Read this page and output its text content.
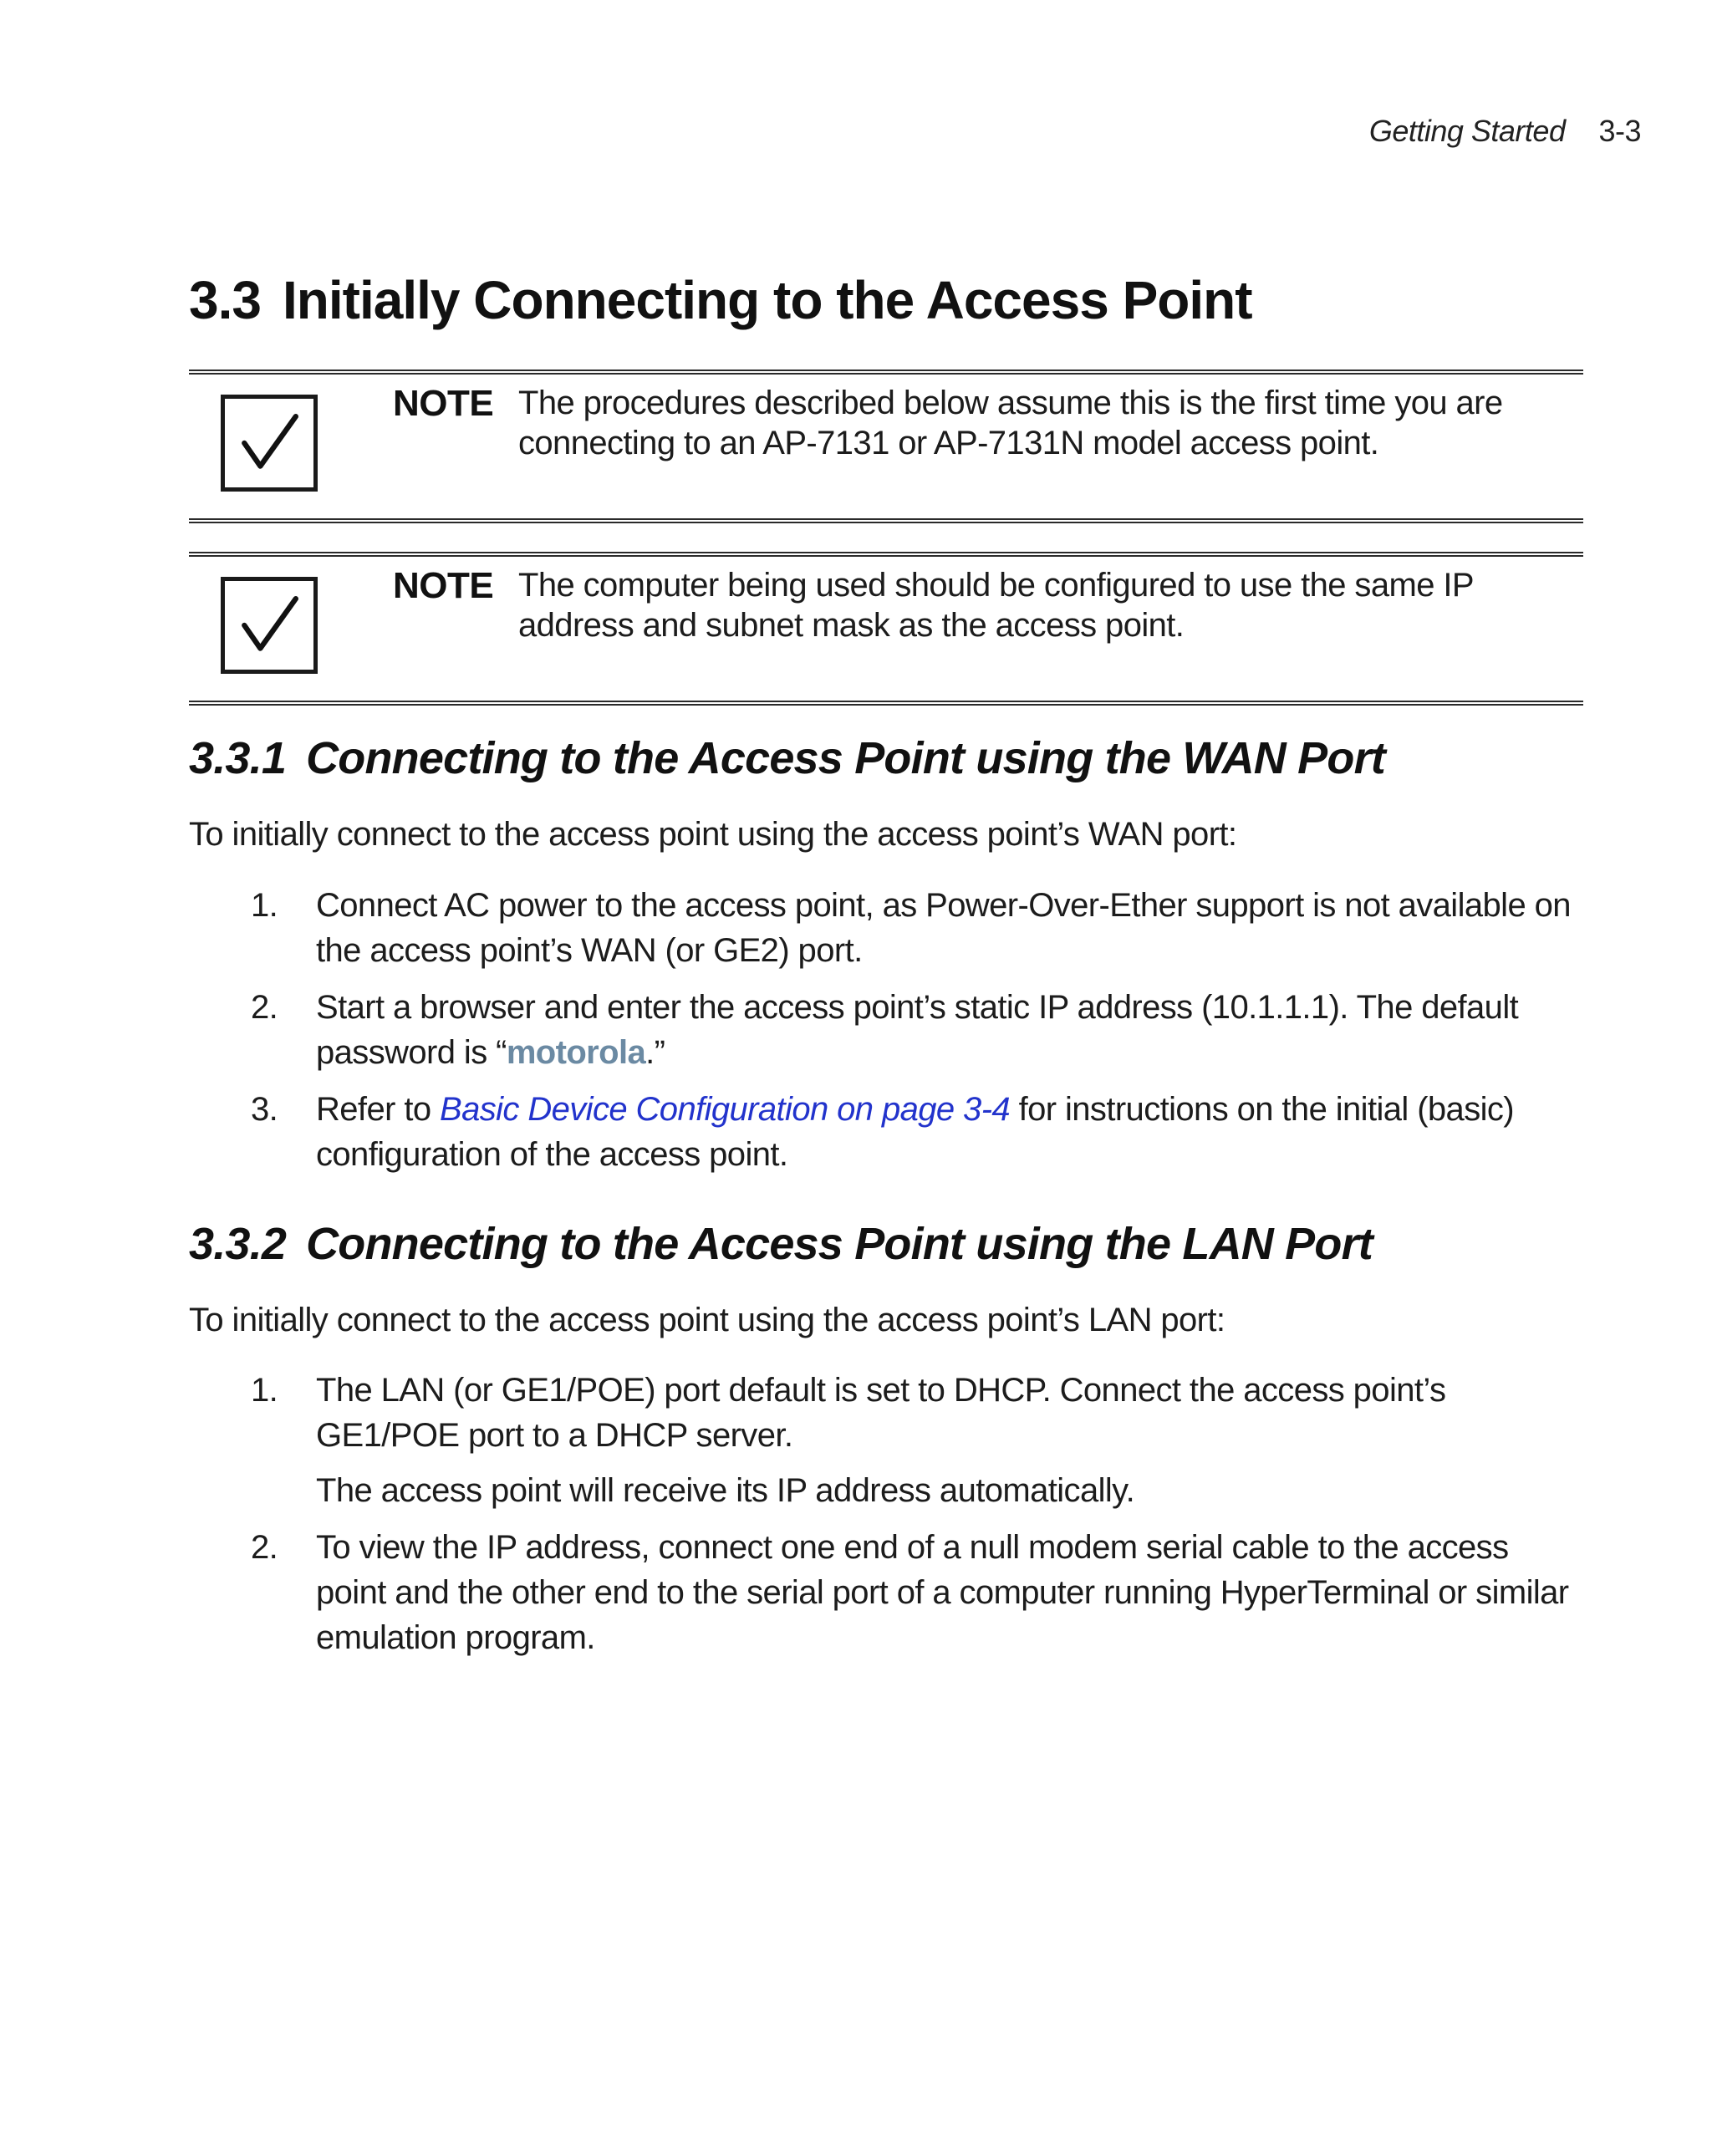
Getting Started 3-3
3.3 Initially Connecting to the Access Point
NOTE The procedures described below assume this is the first time you are connecting to an AP-7131 or AP-7131N model access point.
NOTE The computer being used should be configured to use the same IP address and subnet mask as the access point.
3.3.1 Connecting to the Access Point using the WAN Port
To initially connect to the access point using the access point’s WAN port:
1. Connect AC power to the access point, as Power-Over-Ether support is not available on the access point’s WAN (or GE2) port.
2. Start a browser and enter the access point’s static IP address (10.1.1.1). The default password is “motorola.”
3. Refer to Basic Device Configuration on page 3-4 for instructions on the initial (basic) configuration of the access point.
3.3.2 Connecting to the Access Point using the LAN Port
To initially connect to the access point using the access point’s LAN port:
1. The LAN (or GE1/POE) port default is set to DHCP. Connect the access point’s GE1/POE port to a DHCP server.
The access point will receive its IP address automatically.
2. To view the IP address, connect one end of a null modem serial cable to the access point and the other end to the serial port of a computer running HyperTerminal or similar emulation program.
